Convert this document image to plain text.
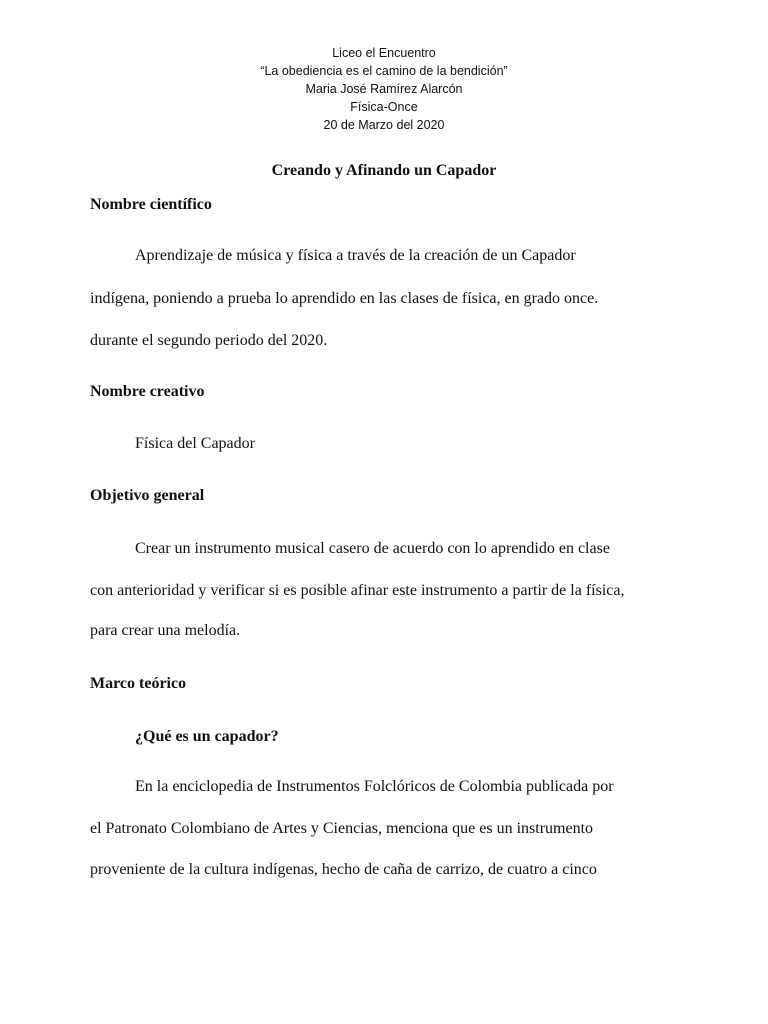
Liceo el Encuentro
“La obediencia es el camino de la bendición”
Maria José Ramírez Alarcón
Física-Once
20 de Marzo del 2020
Creando y Afinando un Capador
Nombre científico
Aprendizaje de música y física a través de la creación de un Capador
indígena, poniendo a prueba lo aprendido en las clases de física, en grado once.
durante el segundo periodo del 2020.
Nombre creativo
Física del Capador
Objetivo general
Crear un instrumento musical casero de acuerdo con lo aprendido en clase
con anterioridad y verificar si es posible afinar este instrumento a partir de la física,
para crear una melodía.
Marco teórico
¿Qué es un capador?
En la enciclopedia de Instrumentos Folclóricos de Colombia publicada por
el Patronato Colombiano de Artes y Ciencias, menciona que es un instrumento
proveniente de la cultura indígenas, hecho de caña de carrizo, de cuatro a cinco
